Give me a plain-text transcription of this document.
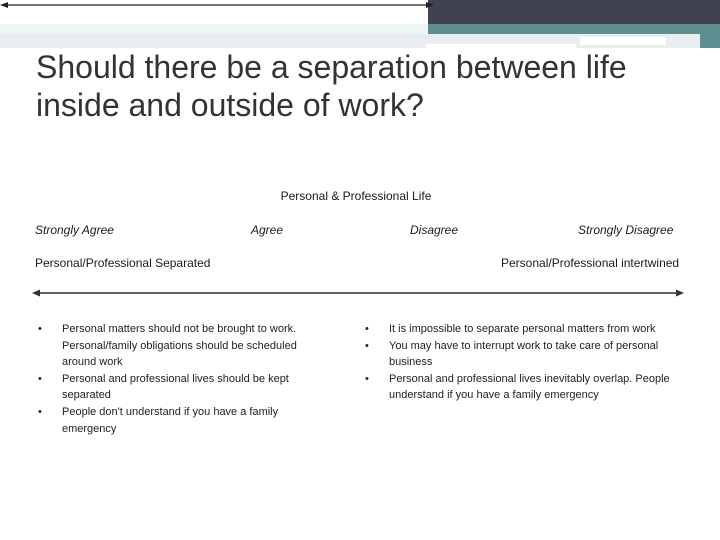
Should there be a separation between life inside and outside of work?
Personal & Professional Life
Strongly Agree	Agree	Disagree	Strongly Disagree
Personal/Professional Separated	Personal/Professional intertwined
• Personal matters should not be brought to work. Personal/family obligations should be scheduled around work
• Personal and professional lives should be kept separated
• People don't understand if you have a family emergency
• It is impossible to separate personal matters from work
• You may have to interrupt work to take care of personal business
• Personal and professional lives inevitably overlap. People understand if you have a family emergency
